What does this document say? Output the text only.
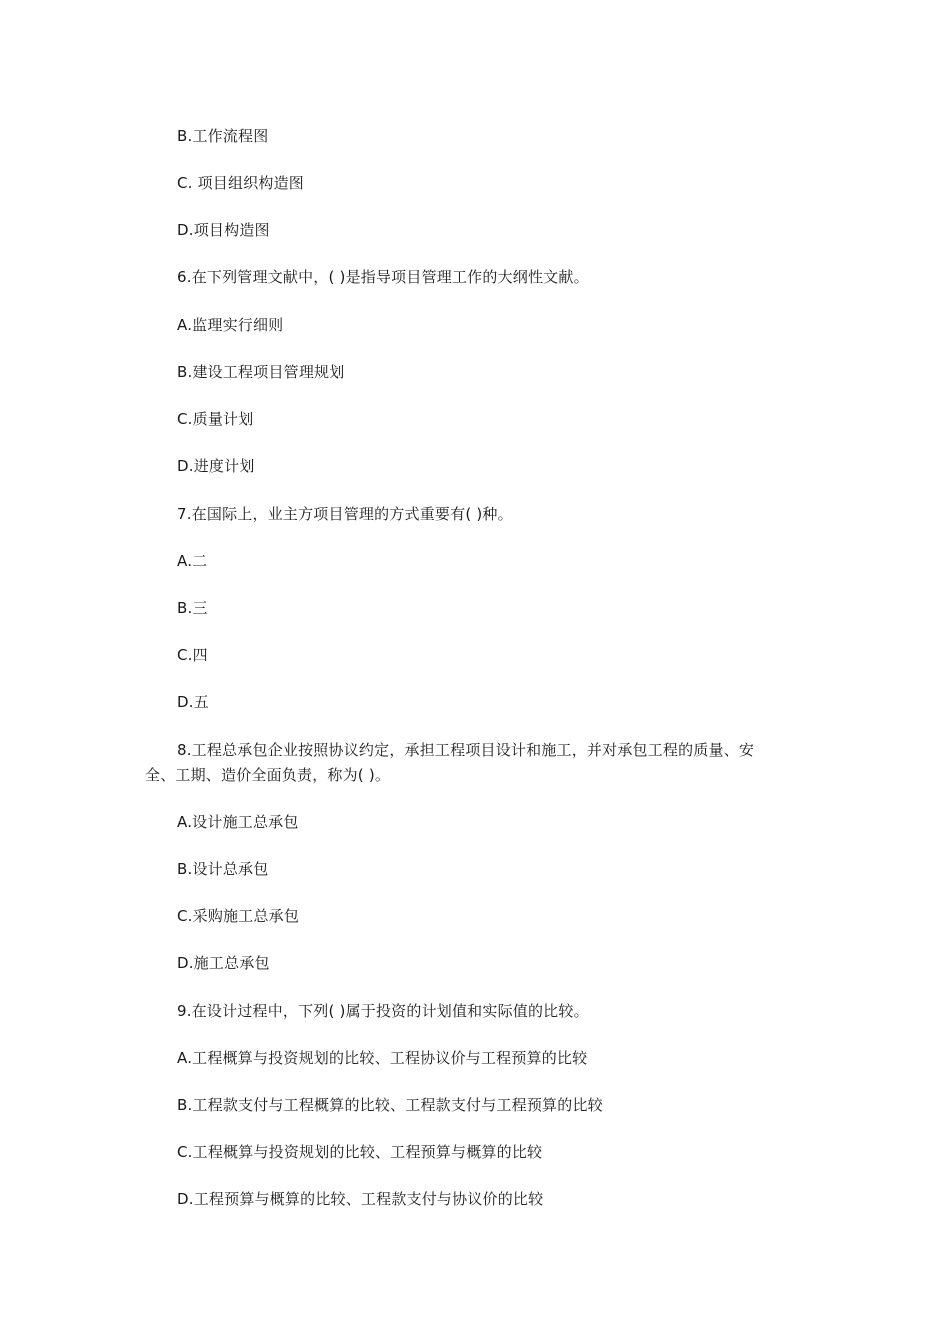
B.工作流程图
C. 项目组织构造图
D.项目构造图
6.在下列管理文献中，( )是指导项目管理工作的大纲性文献。
A.监理实行细则
B.建设工程项目管理规划
C.质量计划
D.进度计划
7.在国际上，业主方项目管理的方式重要有( )种。
A.二
B.三
C.四
D.五
8.工程总承包企业按照协议约定，承担工程项目设计和施工，并对承包工程的质量、安
全、工期、造价全面负责，称为( )。
A.设计施工总承包
B.设计总承包
C.采购施工总承包
D.施工总承包
9.在设计过程中，下列( )属于投资的计划值和实际值的比较。
A.工程概算与投资规划的比较、工程协议价与工程预算的比较
B.工程款支付与工程概算的比较、工程款支付与工程预算的比较
C.工程概算与投资规划的比较、工程预算与概算的比较
D.工程预算与概算的比较、工程款支付与协议价的比较
